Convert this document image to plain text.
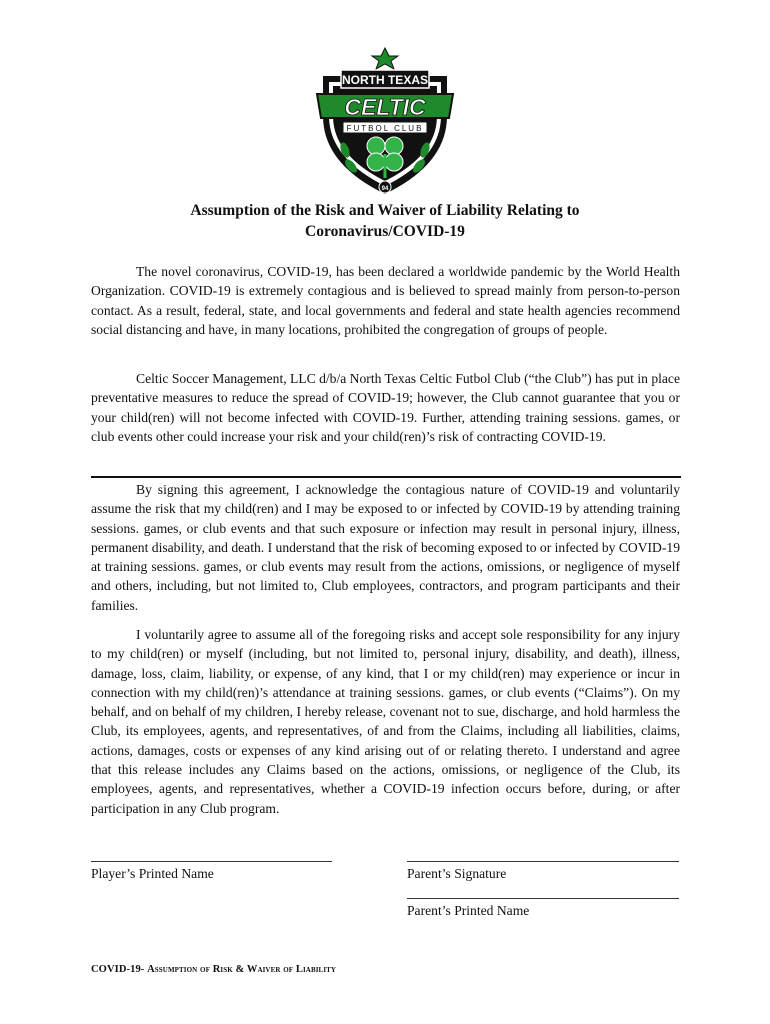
NORTH TEXAS
CELTIC
FUTBOL CLUB
94
Assumption of the Risk and Waiver of Liability Relating to
Coronavirus/COVID-19

The novel coronavirus, COVID-19, has been declared a worldwide pandemic by the World Health Organization. COVID-19 is extremely contagious and is believed to spread mainly from person-to-person contact. As a result, federal, state, and local governments and federal and state health agencies recommend social distancing and have, in many locations, prohibited the congregation of groups of people.

Celtic Soccer Management, LLC d/b/a North Texas Celtic Futbol Club (“the Club”) has put in place preventative measures to reduce the spread of COVID-19; however, the Club cannot guarantee that you or your child(ren) will not become infected with COVID-19. Further, attending training sessions. games, or club events other could increase your risk and your child(ren)’s risk of contracting COVID-19.

By signing this agreement, I acknowledge the contagious nature of COVID-19 and voluntarily assume the risk that my child(ren) and I may be exposed to or infected by COVID-19 by attending training sessions. games, or club events and that such exposure or infection may result in personal injury, illness, permanent disability, and death. I understand that the risk of becoming exposed to or infected by COVID-19 at training sessions. games, or club events may result from the actions, omissions, or negligence of myself and others, including, but not limited to, Club employees, contractors, and program participants and their families.

I voluntarily agree to assume all of the foregoing risks and accept sole responsibility for any injury to my child(ren) or myself (including, but not limited to, personal injury, disability, and death), illness, damage, loss, claim, liability, or expense, of any kind, that I or my child(ren) may experience or incur in connection with my child(ren)’s attendance at training sessions. games, or club events (“Claims”). On my behalf, and on behalf of my children, I hereby release, covenant not to sue, discharge, and hold harmless the Club, its employees, agents, and representatives, of and from the Claims, including all liabilities, claims, actions, damages, costs or expenses of any kind arising out of or relating thereto. I understand and agree that this release includes any Claims based on the actions, omissions, or negligence of the Club, its employees, agents, and representatives, whether a COVID-19 infection occurs before, during, or after participation in any Club program.

Player’s Printed Name	Parent’s Signature
Parent’s Printed Name
COVID-19- Assumption of Risk & Waiver of Liability
